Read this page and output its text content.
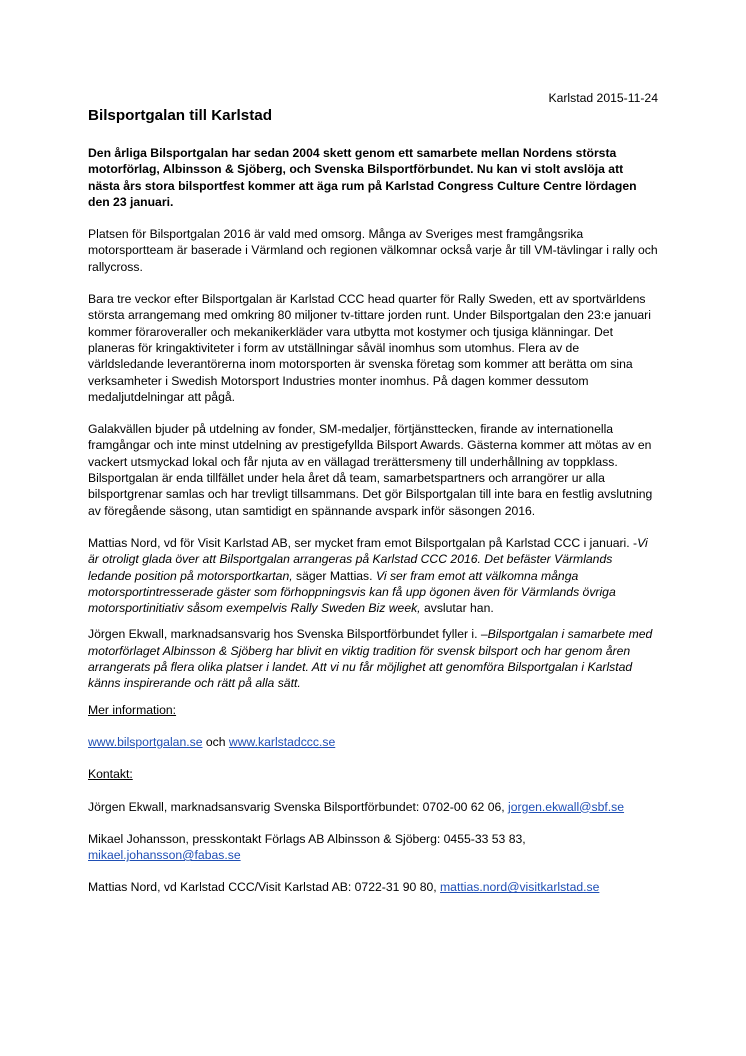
Karlstad 2015-11-24
Bilsportgalan till Karlstad

Den årliga Bilsportgalan har sedan 2004 skett genom ett samarbete mellan Nordens största motorförlag, Albinsson & Sjöberg, och Svenska Bilsportförbundet. Nu kan vi stolt avslöja att nästa års stora bilsportfest kommer att äga rum på Karlstad Congress Culture Centre lördagen den 23 januari.

Platsen för Bilsportgalan 2016 är vald med omsorg. Många av Sveriges mest framgångsrika motorsportteam är baserade i Värmland och regionen välkomnar också varje år till VM-tävlingar i rally och rallycross.

Bara tre veckor efter Bilsportgalan är Karlstad CCC head quarter för Rally Sweden, ett av sportvärldens största arrangemang med omkring 80 miljoner tv-tittare jorden runt. Under Bilsportgalan den 23:e januari kommer föraroveraller och mekanikerkläder vara utbytta mot kostymer och tjusiga klänningar. Det planeras för kringaktiviteter i form av utställningar såväl inomhus som utomhus. Flera av de världsledande leverantörerna inom motorsporten är svenska företag som kommer att berätta om sina verksamheter i Swedish Motorsport Industries monter inomhus. På dagen kommer dessutom medaljutdelningar att pågå.

Galakvällen bjuder på utdelning av fonder, SM-medaljer, förtjänsttecken, firande av internationella framgångar och inte minst utdelning av prestigefyllda Bilsport Awards. Gästerna kommer att mötas av en vackert utsmyckad lokal och får njuta av en vällagad trerättersmeny till underhållning av toppklass. Bilsportgalan är enda tillfället under hela året då team, samarbetspartners och arrangörer ur alla bilsportgrenar samlas och har trevligt tillsammans. Det gör Bilsportgalan till inte bara en festlig avslutning av föregående säsong, utan samtidigt en spännande avspark inför säsongen 2016.

Mattias Nord, vd för Visit Karlstad AB, ser mycket fram emot Bilsportgalan på Karlstad CCC i januari. -Vi är otroligt glada över att Bilsportgalan arrangeras på Karlstad CCC 2016. Det befäster Värmlands ledande position på motorsportkartan, säger Mattias. Vi ser fram emot att välkomna många motorsportintresserade gäster som förhoppningsvis kan få upp ögonen även för Värmlands övriga motorsportinitiativ såsom exempelvis Rally Sweden Biz week, avslutar han.

Jörgen Ekwall, marknadsansvarig hos Svenska Bilsportförbundet fyller i. –Bilsportgalan i samarbete med motorförlaget Albinsson & Sjöberg har blivit en viktig tradition för svensk bilsport och har genom åren arrangerats på flera olika platser i landet. Att vi nu får möjlighet att genomföra Bilsportgalan i Karlstad känns inspirerande och rätt på alla sätt.

Mer information:

www.bilsportgalan.se och www.karlstadccc.se

Kontakt:

Jörgen Ekwall, marknadsansvarig Svenska Bilsportförbundet: 0702-00 62 06, jorgen.ekwall@sbf.se

Mikael Johansson, presskontakt Förlags AB Albinsson & Sjöberg: 0455-33 53 83,
mikael.johansson@fabas.se

Mattias Nord, vd Karlstad CCC/Visit Karlstad AB: 0722-31 90 80, mattias.nord@visitkarlstad.se
